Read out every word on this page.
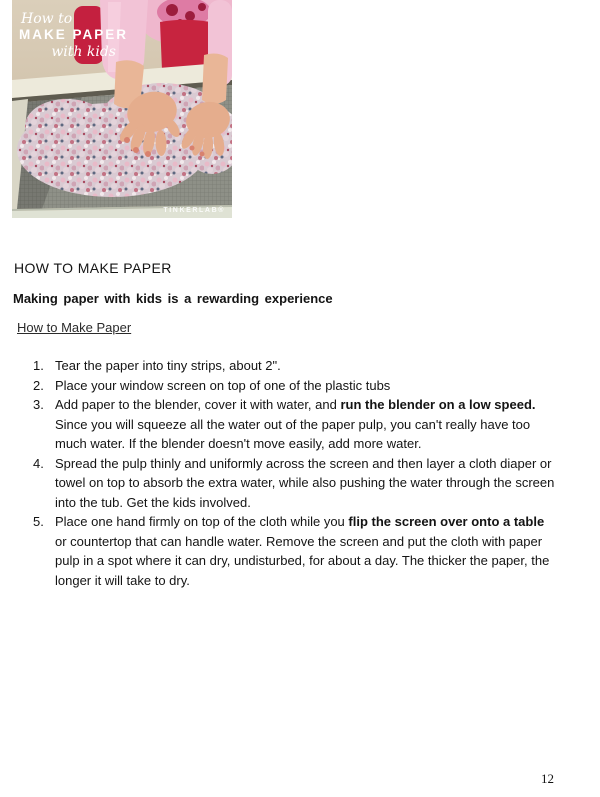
How to
MAKE PAPER
with kids
TINKERLAB®
HOW TO MAKE PAPER
Making paper with kids is a rewarding experience
How to Make Paper
1. Tear the paper into tiny strips, about 2".
2. Place your window screen on top of one of the plastic tubs
3. Add paper to the blender, cover it with water, and run the blender on a low speed. Since you will squeeze all the water out of the paper pulp, you can't really have too much water. If the blender doesn't move easily, add more water.
4. Spread the pulp thinly and uniformly across the screen and then layer a cloth diaper or towel on top to absorb the extra water, while also pushing the water through the screen into the tub. Get the kids involved.
5. Place one hand firmly on top of the cloth while you flip the screen over onto a table or countertop that can handle water. Remove the screen and put the cloth with paper pulp in a spot where it can dry, undisturbed, for about a day. The thicker the paper, the longer it will take to dry.
12
